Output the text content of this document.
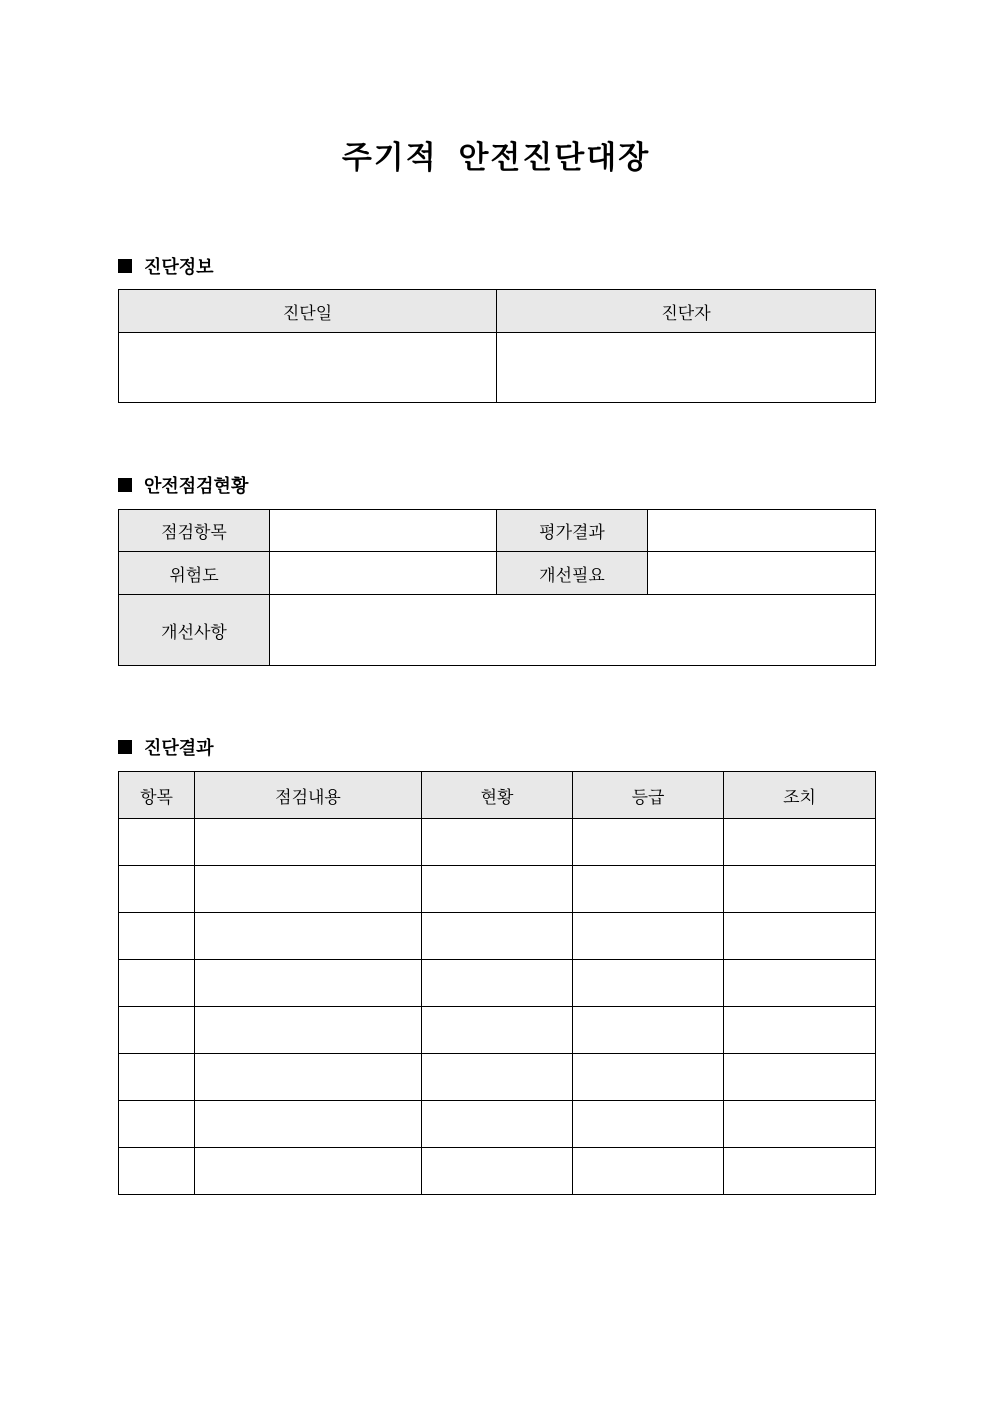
주기적 안전진단대장
진단정보
진단일	진단자

안전점검현황
점검항목		평가결과	
위험도		개선필요	
개선사항			
진단결과
항목	점검내용	현황	등급	조치
